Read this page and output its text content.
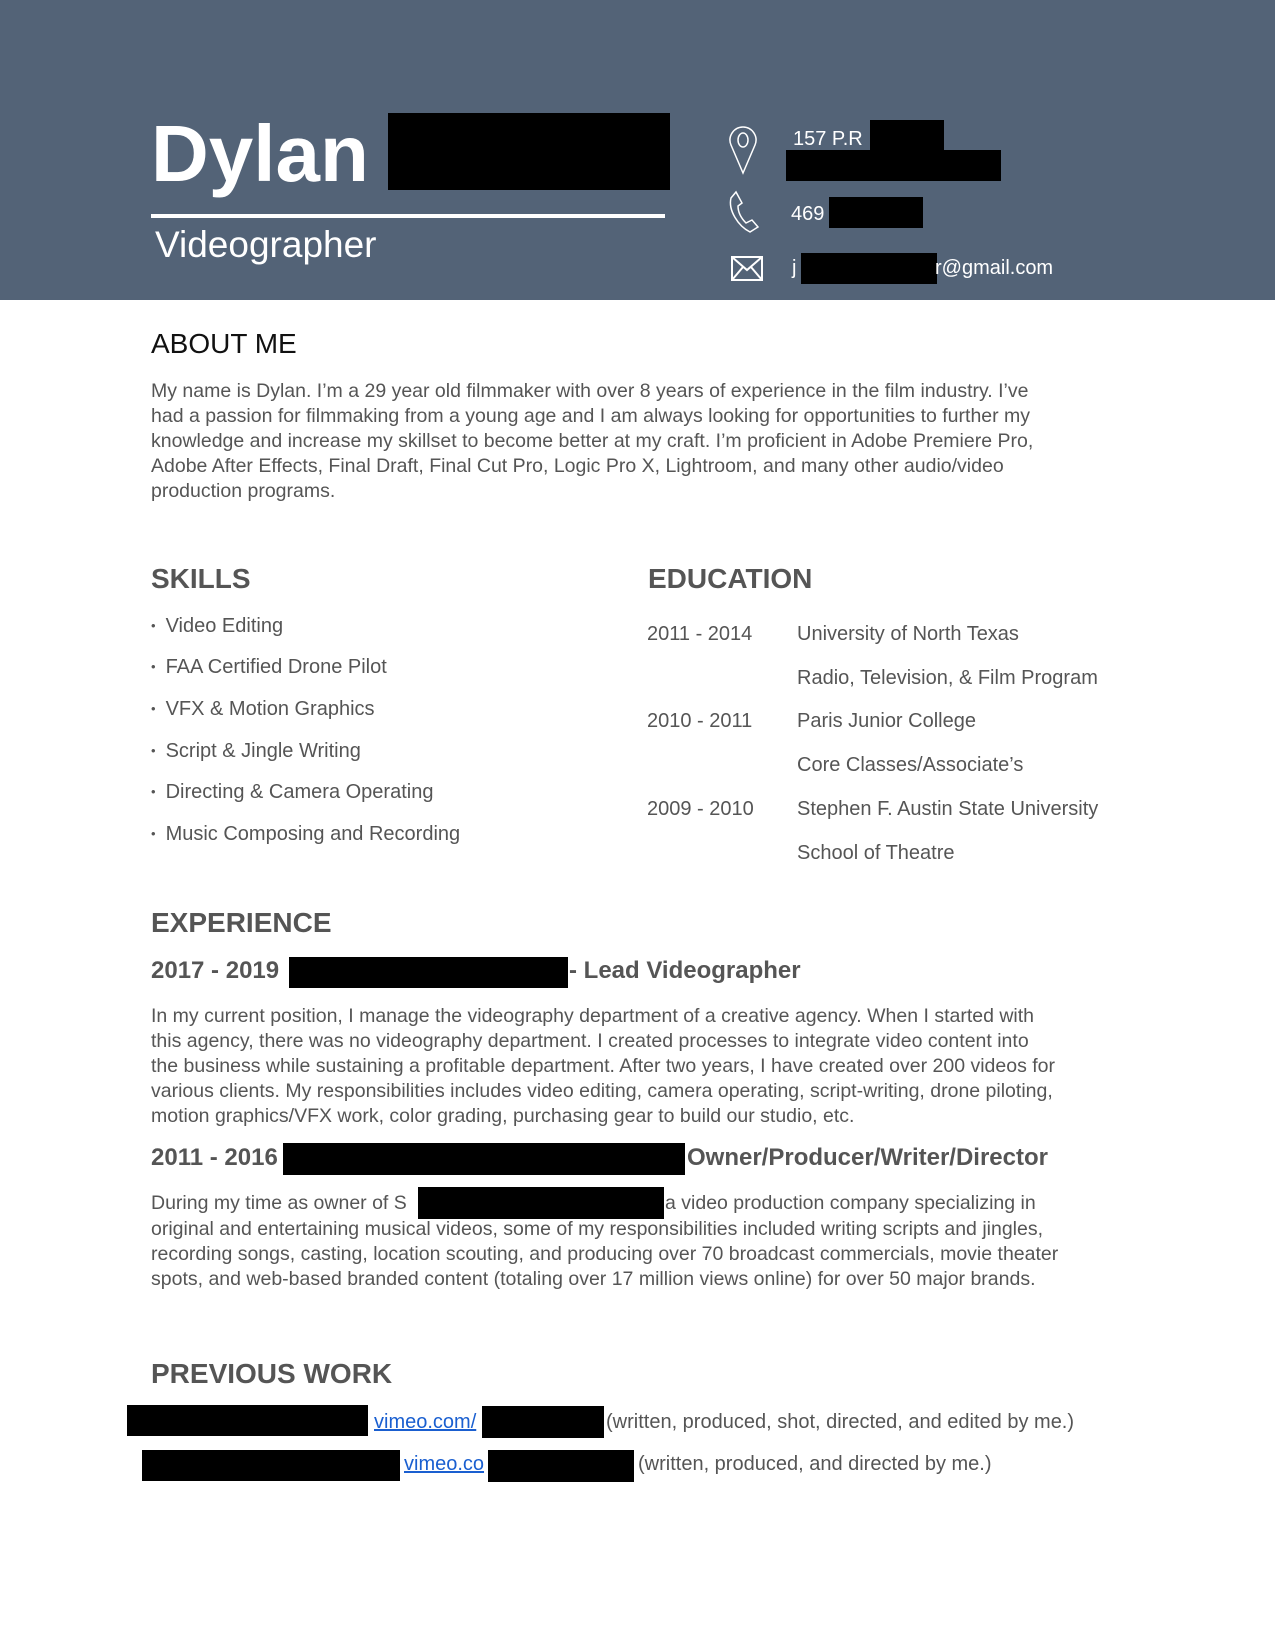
Dylan
Videographer
157 P.R
469
j	r@gmail.com
ABOUT ME
My name is Dylan. I’m a 29 year old filmmaker with over 8 years of experience in the film industry. I’ve
had a passion for filmmaking from a young age and I am always looking for opportunities to further my
knowledge and increase my skillset to become better at my craft. I’m proficient in Adobe Premiere Pro,
Adobe After Effects, Final Draft, Final Cut Pro, Logic Pro X, Lightroom, and many other audio/video
production programs.
SKILLS
• Video Editing
• FAA Certified Drone Pilot
• VFX & Motion Graphics
• Script & Jingle Writing
• Directing & Camera Operating
• Music Composing and Recording
EDUCATION
2011 - 2014 University of North Texas
Radio, Television, & Film Program
2010 - 2011 Paris Junior College
Core Classes/Associate’s
2009 - 2010 Stephen F. Austin State University
School of Theatre
EXPERIENCE
2017 - 2019	- Lead Videographer
In my current position, I manage the videography department of a creative agency. When I started with
this agency, there was no videography department. I created processes to integrate video content into
the business while sustaining a profitable department. After two years, I have created over 200 videos for
various clients. My responsibilities includes video editing, camera operating, script-writing, drone piloting,
motion graphics/VFX work, color grading, purchasing gear to build our studio, etc.
2011 - 2016	Owner/Producer/Writer/Director
During my time as owner of S	a video production company specializing in
original and entertaining musical videos, some of my responsibilities included writing scripts and jingles,
recording songs, casting, location scouting, and producing over 70 broadcast commercials, movie theater
spots, and web-based branded content (totaling over 17 million views online) for over 50 major brands.
PREVIOUS WORK
vimeo.com/	(written, produced, shot, directed, and edited by me.)
vimeo.co	(written, produced, and directed by me.)
